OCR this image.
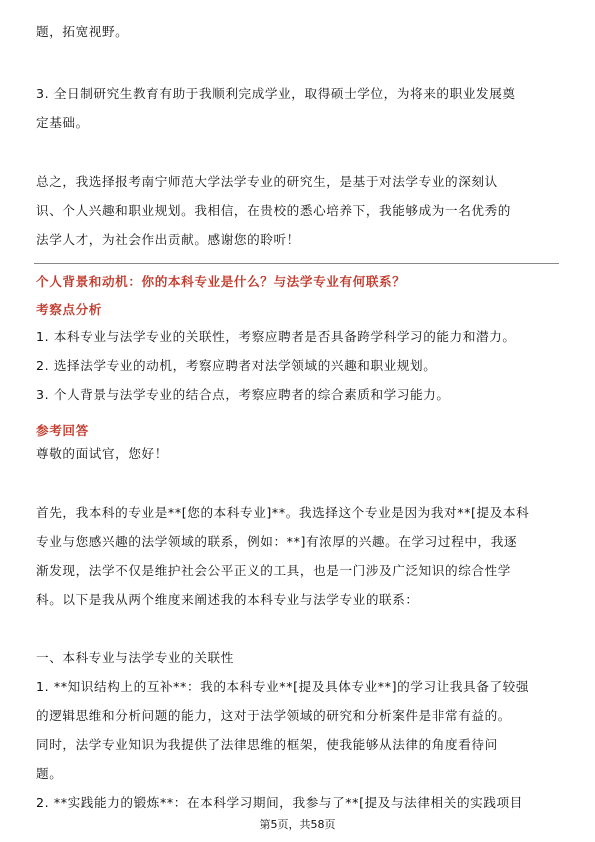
题，拓宽视野。
3. 全日制研究生教育有助于我顺利完成学业，取得硕士学位，为将来的职业发展奠
定基础。
总之，我选择报考南宁师范大学法学专业的研究生，是基于对法学专业的深刻认
识、个人兴趣和职业规划。我相信，在贵校的悉心培养下，我能够成为一名优秀的
法学人才，为社会作出贡献。感谢您的聆听！
个人背景和动机：你的本科专业是什么？与法学专业有何联系？
考察点分析
1. 本科专业与法学专业的关联性，考察应聘者是否具备跨学科学习的能力和潜力。
2. 选择法学专业的动机，考察应聘者对法学领域的兴趣和职业规划。
3. 个人背景与法学专业的结合点，考察应聘者的综合素质和学习能力。
参考回答
尊敬的面试官，您好！
首先，我本科的专业是**[您的本科专业]**。我选择这个专业是因为我对**[提及本科
专业与您感兴趣的法学领域的联系，例如：**]有浓厚的兴趣。在学习过程中，我逐
渐发现，法学不仅是维护社会公平正义的工具，也是一门涉及广泛知识的综合性学
科。以下是我从两个维度来阐述我的本科专业与法学专业的联系：
一、本科专业与法学专业的关联性
1. **知识结构上的互补**：我的本科专业**[提及具体专业**]的学习让我具备了较强
的逻辑思维和分析问题的能力，这对于法学领域的研究和分析案件是非常有益的。
同时，法学专业知识为我提供了法律思维的框架，使我能够从法律的角度看待问
题。
2. **实践能力的锻炼**：在本科学习期间，我参与了**[提及与法律相关的实践项目
第5页，共58页
